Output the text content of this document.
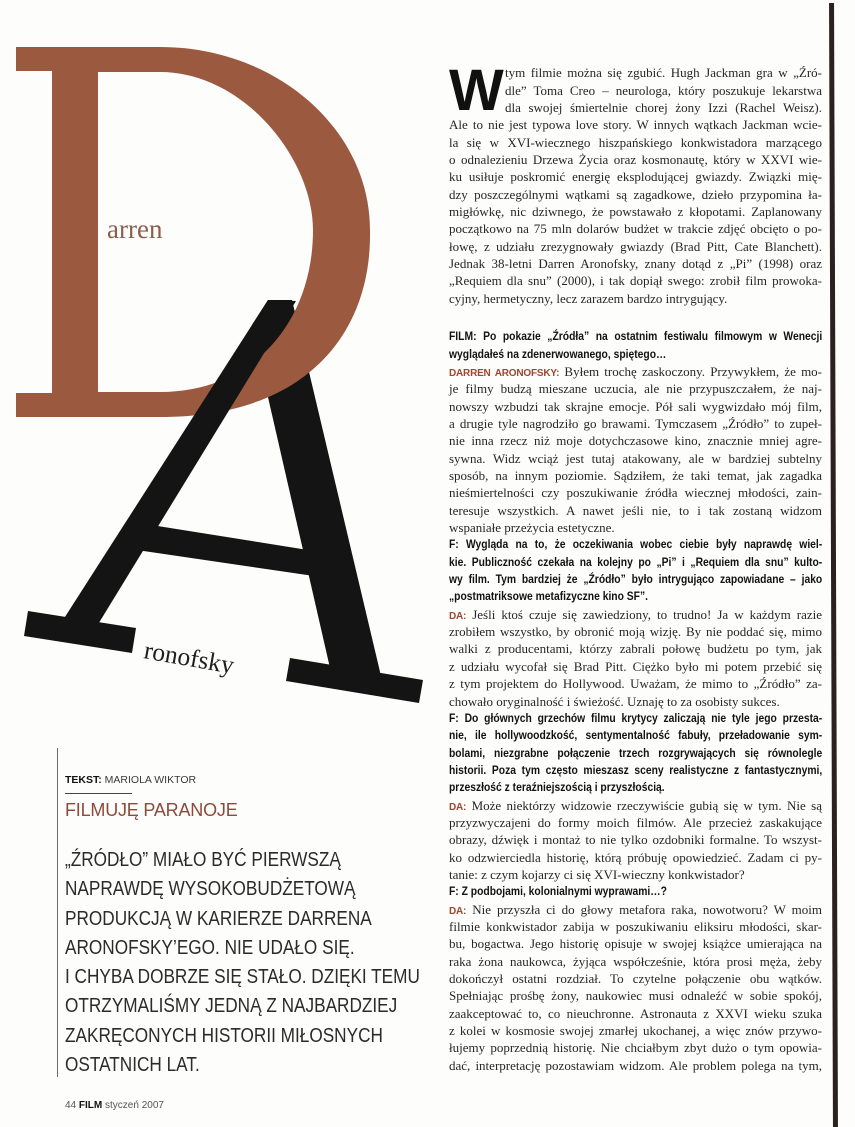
arren
ronofsky
TEKST: MARIOLA WIKTOR
FILMUJĘ PARANOJE
„ŹRÓDŁO” MIAŁO BYĆ PIERWSZĄ
NAPRAWDĘ WYSOKOBUDŻETOWĄ
PRODUKCJĄ W KARIERZE DARRENA
ARONOFSKY’EGO. NIE UDAŁO SIĘ.
I CHYBA DOBRZE SIĘ STAŁO. DZIĘKI TEMU
OTRZYMALIŚMY JEDNĄ Z NAJBARDZIEJ
ZAKRĘCONYCH HISTORII MIŁOSNYCH
OSTATNICH LAT.
44 FILM styczeń 2007
W tym filmie można się zgubić. Hugh Jackman gra w „Źró-
dle” Toma Creo – neurologa, który poszukuje lekarstwa
dla swojej śmiertelnie chorej żony Izzi (Rachel Weisz).
Ale to nie jest typowa love story. W innych wątkach Jackman wcie-
la się w XVI-wiecznego hiszpańskiego konkwistadora marzącego
o odnalezieniu Drzewa Życia oraz kosmonautę, który w XXVI wie-
ku usiłuje poskromić energię eksplodującej gwiazdy. Związki mię-
dzy poszczególnymi wątkami są zagadkowe, dzieło przypomina ła-
migłówkę, nic dziwnego, że powstawało z kłopotami. Zaplanowany
początkowo na 75 mln dolarów budżet w trakcie zdjęć obcięto o po-
łowę, z udziału zrezygnowały gwiazdy (Brad Pitt, Cate Blanchett).
Jednak 38-letni Darren Aronofsky, znany dotąd z „Pi” (1998) oraz
„Requiem dla snu” (2000), i tak dopiął swego: zrobił film prowoka-
cyjny, hermetyczny, lecz zarazem bardzo intrygujący.
FILM: Po pokazie „Źródła” na ostatnim festiwalu filmowym w Wenecji
wyglądałeś na zdenerwowanego, spiętego…
DARREN ARONOFSKY: Byłem trochę zaskoczony. Przywykłem, że mo-
je filmy budzą mieszane uczucia, ale nie przypuszczałem, że naj-
nowszy wzbudzi tak skrajne emocje. Pół sali wygwizdało mój film,
a drugie tyle nagrodziło go brawami. Tymczasem „Źródło” to zupeł-
nie inna rzecz niż moje dotychczasowe kino, znacznie mniej agre-
sywna. Widz wciąż jest tutaj atakowany, ale w bardziej subtelny
sposób, na innym poziomie. Sądziłem, że taki temat, jak zagadka
nieśmiertelności czy poszukiwanie źródła wiecznej młodości, zain-
teresuje wszystkich. A nawet jeśli nie, to i tak zostaną widzom
wspaniałe przeżycia estetyczne.
F: Wygląda na to, że oczekiwania wobec ciebie były naprawdę wiel-
kie. Publiczność czekała na kolejny po „Pi” i „Requiem dla snu” kulto-
wy film. Tym bardziej że „Źródło” było intrygująco zapowiadane – jako
„postmatriksowe metafizyczne kino SF”.
DA: Jeśli ktoś czuje się zawiedziony, to trudno! Ja w każdym razie
zrobiłem wszystko, by obronić moją wizję. By nie poddać się, mimo
walki z producentami, którzy zabrali połowę budżetu po tym, jak
z udziału wycofał się Brad Pitt. Ciężko było mi potem przebić się
z tym projektem do Hollywood. Uważam, że mimo to „Źródło” za-
chowało oryginalność i świeżość. Uznaję to za osobisty sukces.
F: Do głównych grzechów filmu krytycy zaliczają nie tyle jego przesta-
nie, ile hollywoodzkość, sentymentalność fabuły, przeładowanie sym-
bolami, niezgrabne połączenie trzech rozgrywających się równolegle
historii. Poza tym często mieszasz sceny realistyczne z fantastycznymi,
przeszłość z teraźniejszością i przyszłością.
DA: Może niektórzy widzowie rzeczywiście gubią się w tym. Nie są
przyzwyczajeni do formy moich filmów. Ale przecież zaskakujące
obrazy, dźwięk i montaż to nie tylko ozdobniki formalne. To wszyst-
ko odzwierciedla historię, którą próbuję opowiedzieć. Zadam ci py-
tanie: z czym kojarzy ci się XVI-wieczny konkwistador?
F: Z podbojami, kolonialnymi wyprawami…?
DA: Nie przyszła ci do głowy metafora raka, nowotworu? W moim
filmie konkwistador zabija w poszukiwaniu eliksiru młodości, skar-
bu, bogactwa. Jego historię opisuje w swojej książce umierająca na
raka żona naukowca, żyjąca współcześnie, która prosi męża, żeby
dokończył ostatni rozdział. To czytelne połączenie obu wątków.
Spełniając prośbę żony, naukowiec musi odnaleźć w sobie spokój,
zaakceptować to, co nieuchronne. Astronauta z XXVI wieku szuka
z kolei w kosmosie swojej zmarłej ukochanej, a więc znów przywo-
łujemy poprzednią historię. Nie chciałbym zbyt dużo o tym opowia-
dać, interpretację pozostawiam widzom. Ale problem polega na tym,
